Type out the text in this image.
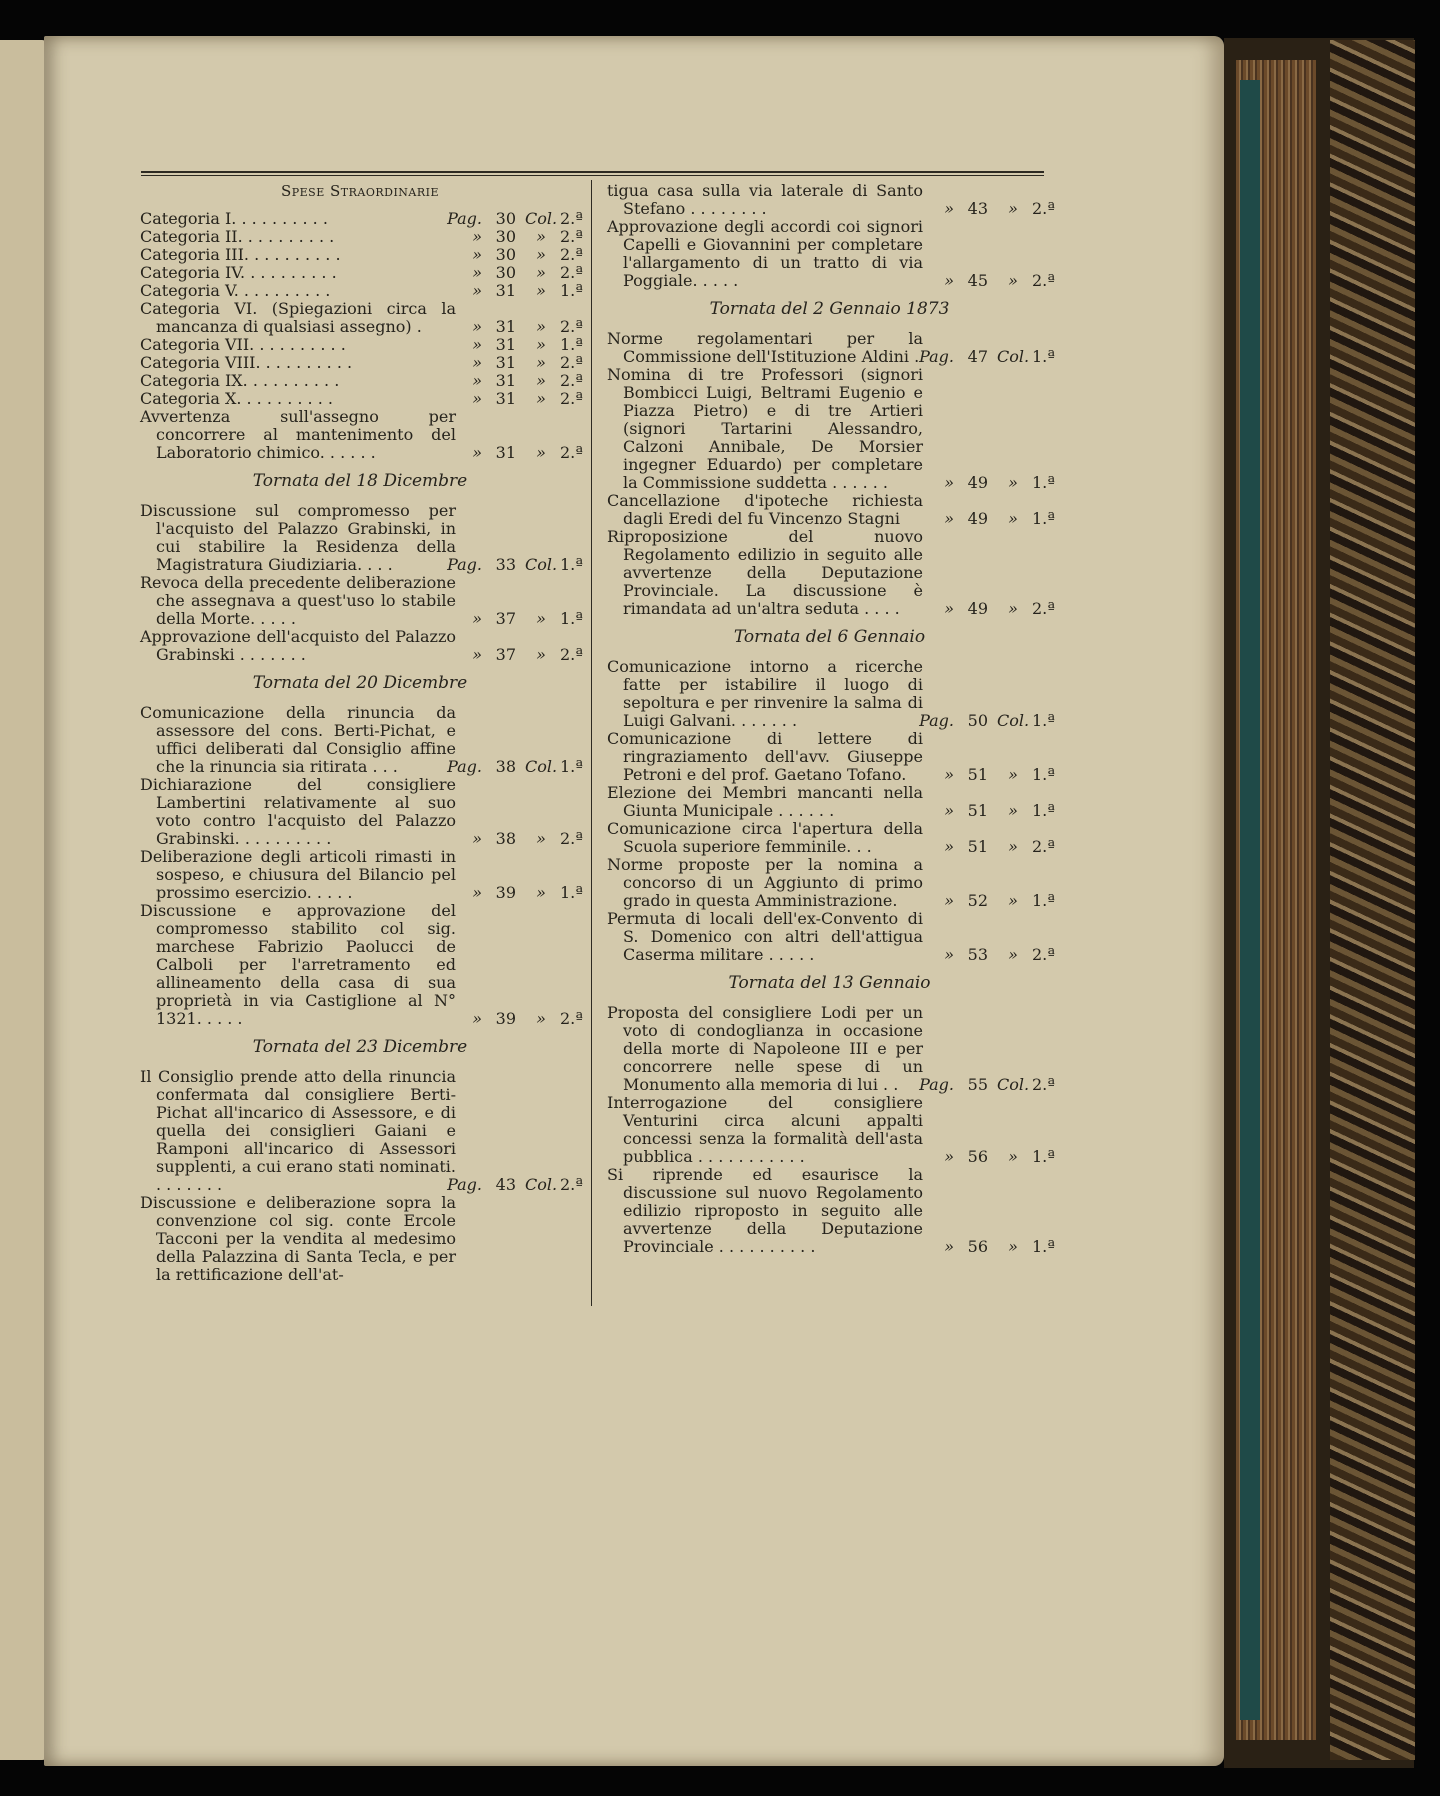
Spese Straordinarie
Categoria I. . . . . . . . . .	Pag. 30 Col. 2.ª
Categoria II. . . . . . . . . .	» 30	» 2.ª
Categoria III. . . . . . . . . .	» 30	» 2.ª
Categoria IV. . . . . . . . . .	» 30	» 2.ª
Categoria V. . . . . . . . . .	» 31	» 1.ª
Categoria VI. (Spiegazioni circa la mancanza di qualsiasi assegno) .	» 31	» 2.ª
Categoria VII. . . . . . . . . .	» 31	» 1.ª
Categoria VIII. . . . . . . . . .	» 31	» 2.ª
Categoria IX. . . . . . . . . .	» 31	» 2.ª
Categoria X. . . . . . . . . .	» 31	» 2.ª
Avvertenza sull'assegno per concorrere al mantenimento del Laboratorio chimico. . . . . .	» 31	» 2.ª
Tornata del 18 Dicembre
Discussione sul compromesso per l'acquisto del Palazzo Grabinski, in cui stabilire la Residenza della Magistratura Giudiziaria. . . .	Pag. 33 Col. 1.ª
Revoca della precedente deliberazione che assegnava a quest'uso lo stabile della Morte. . . . .	» 37	» 1.ª
Approvazione dell'acquisto del Palazzo Grabinski . . . . . . .	» 37	» 2.ª
Tornata del 20 Dicembre
Comunicazione della rinuncia da assessore del cons. Berti-Pichat, e uffici deliberati dal Consiglio affine che la rinuncia sia ritirata . . .	Pag. 38 Col. 1.ª
Dichiarazione del consigliere Lambertini relativamente al suo voto contro l'acquisto del Palazzo Grabinski. . . . . . . . . .	» 38	» 2.ª
Deliberazione degli articoli rimasti in sospeso, e chiusura del Bilancio pel prossimo esercizio. . . . .	» 39	» 1.ª
Discussione e approvazione del compromesso stabilito col sig. marchese Fabrizio Paolucci de Calboli per l'arretramento ed allineamento della casa di sua proprietà in via Castiglione al N° 1321. . . . .	» 39	» 2.ª
Tornata del 23 Dicembre
Il Consiglio prende atto della rinuncia confermata dal consigliere Berti-Pichat all'incarico di Assessore, e di quella dei consiglieri Gaiani e Ramponi all'incarico di Assessori supplenti, a cui erano stati nominati. . . . . . . .	Pag. 43 Col. 2.ª
Discussione e deliberazione sopra la convenzione col sig. conte Ercole Tacconi per la vendita al medesimo della Palazzina di Santa Tecla, e per la rettificazione dell'at-
tigua casa sulla via laterale di Santo Stefano . . . . . . . .	» 43	» 2.ª
Approvazione degli accordi coi signori Capelli e Giovannini per completare l'allargamento di un tratto di via Poggiale. . . . .	» 45	» 2.ª
Tornata del 2 Gennaio 1873
Norme regolamentari per la Commissione dell'Istituzione Aldini . Pag. 47 Col. 1.ª
Nomina di tre Professori (signori Bombicci Luigi, Beltrami Eugenio e Piazza Pietro) e di tre Artieri (signori Tartarini Alessandro, Calzoni Annibale, De Morsier ingegner Eduardo) per completare la Commissione suddetta . . . . . .	» 49	» 1.ª
Cancellazione d'ipoteche richiesta dagli Eredi del fu Vincenzo Stagni	» 49	» 1.ª
Riproposizione del nuovo Regolamento edilizio in seguito alle avvertenze della Deputazione Provinciale. La discussione è rimandata ad un'altra seduta . . . .	» 49	» 2.ª
Tornata del 6 Gennaio
Comunicazione intorno a ricerche fatte per istabilire il luogo di sepoltura e per rinvenire la salma di Luigi Galvani. . . . . . .	Pag. 50 Col. 1.ª
Comunicazione di lettere di ringraziamento dell'avv. Giuseppe Petroni e del prof. Gaetano Tofano.	» 51	» 1.ª
Elezione dei Membri mancanti nella Giunta Municipale . . . . . .	» 51	» 1.ª
Comunicazione circa l'apertura della Scuola superiore femminile. . .	» 51	» 2.ª
Norme proposte per la nomina a concorso di un Aggiunto di primo grado in questa Amministrazione.	» 52	» 1.ª
Permuta di locali dell'ex-Convento di S. Domenico con altri dell'attigua Caserma militare . . . . .	» 53	» 2.ª
Tornata del 13 Gennaio
Proposta del consigliere Lodi per un voto di condoglianza in occasione della morte di Napoleone III e per concorrere nelle spese di un Monumento alla memoria di lui . .	Pag. 55 Col. 2.ª
Interrogazione del consigliere Venturini circa alcuni appalti concessi senza la formalità dell'asta pubblica . . . . . . . . . . .	» 56	» 1.ª
Si riprende ed esaurisce la discussione sul nuovo Regolamento edilizio riproposto in seguito alle avvertenze della Deputazione Provinciale . . . . . . . . . .	» 56	» 1.ª
